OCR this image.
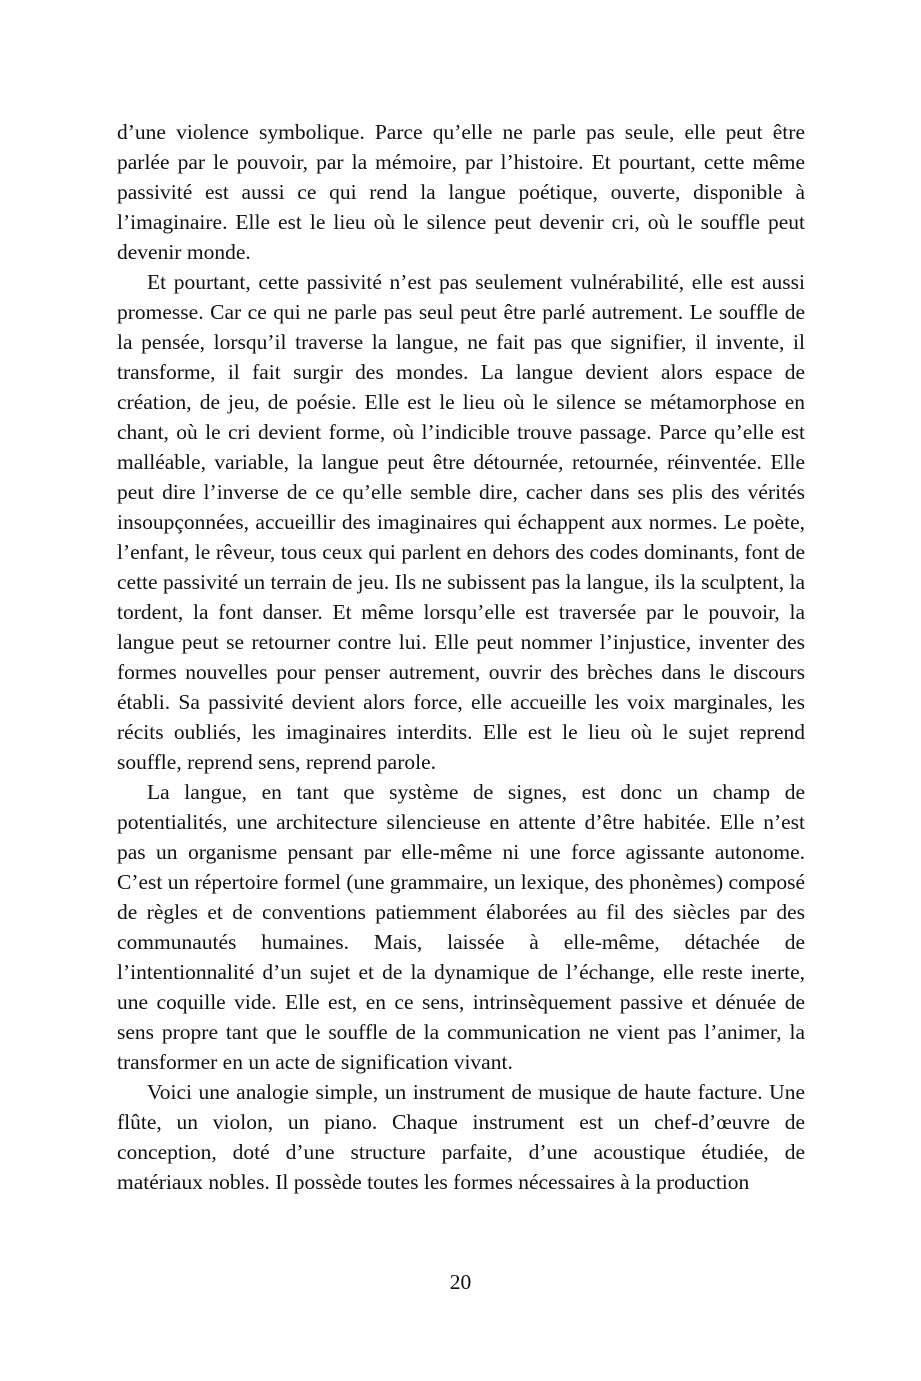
d’une violence symbolique. Parce qu’elle ne parle pas seule, elle peut être parlée par le pouvoir, par la mémoire, par l’histoire. Et pourtant, cette même passivité est aussi ce qui rend la langue poétique, ouverte, disponible à l’imaginaire. Elle est le lieu où le silence peut devenir cri, où le souffle peut devenir monde.

Et pourtant, cette passivité n’est pas seulement vulnérabilité, elle est aussi promesse. Car ce qui ne parle pas seul peut être parlé autrement. Le souffle de la pensée, lorsqu’il traverse la langue, ne fait pas que signifier, il invente, il transforme, il fait surgir des mondes. La langue devient alors espace de création, de jeu, de poésie. Elle est le lieu où le silence se métamorphose en chant, où le cri devient forme, où l’indicible trouve passage. Parce qu’elle est malléable, variable, la langue peut être détournée, retournée, réinventée. Elle peut dire l’inverse de ce qu’elle semble dire, cacher dans ses plis des vérités insoupçonnées, accueillir des imaginaires qui échappent aux normes. Le poète, l’enfant, le rêveur, tous ceux qui parlent en dehors des codes dominants, font de cette passivité un terrain de jeu. Ils ne subissent pas la langue, ils la sculptent, la tordent, la font danser. Et même lorsqu’elle est traversée par le pouvoir, la langue peut se retourner contre lui. Elle peut nommer l’injustice, inventer des formes nouvelles pour penser autrement, ouvrir des brèches dans le discours établi. Sa passivité devient alors force, elle accueille les voix marginales, les récits oubliés, les imaginaires interdits. Elle est le lieu où le sujet reprend souffle, reprend sens, reprend parole.

La langue, en tant que système de signes, est donc un champ de potentialités, une architecture silencieuse en attente d’être habitée. Elle n’est pas un organisme pensant par elle-même ni une force agissante autonome. C’est un répertoire formel (une grammaire, un lexique, des phonèmes) composé de règles et de conventions patiemment élaborées au fil des siècles par des communautés humaines. Mais, laissée à elle-même, détachée de l’intentionnalité d’un sujet et de la dynamique de l’échange, elle reste inerte, une coquille vide. Elle est, en ce sens, intrinsèquement passive et dénuée de sens propre tant que le souffle de la communication ne vient pas l’animer, la transformer en un acte de signification vivant.

Voici une analogie simple, un instrument de musique de haute facture. Une flûte, un violon, un piano. Chaque instrument est un chef-d’œuvre de conception, doté d’une structure parfaite, d’une acoustique étudiée, de matériaux nobles. Il possède toutes les formes nécessaires à la production

20
